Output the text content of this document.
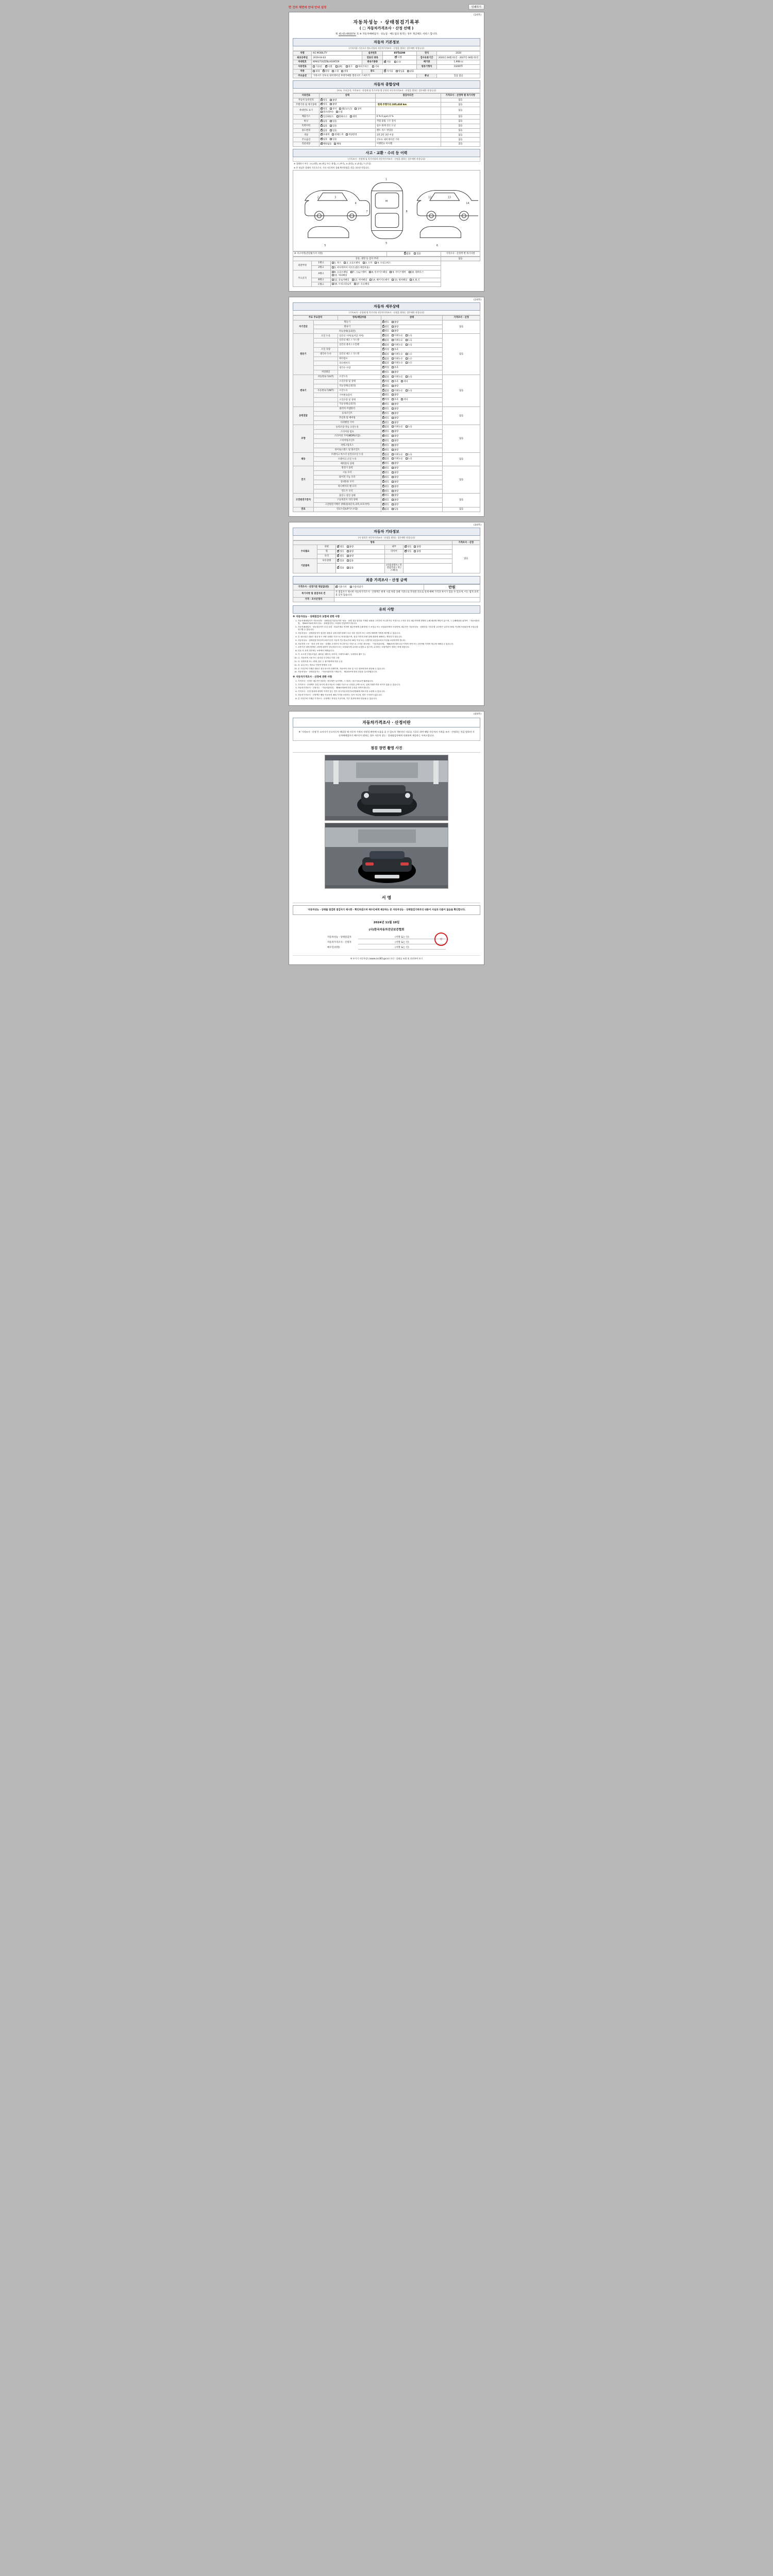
만 건의 체면에 안내 안내 설정	인쇄하기
(1/4쪽)
자동차성능 · 상태점검기록부
( □ 자동차가격조사 · 산정 선택 )
제 41-01-092074 호 ※ 자동차매매업자 · 성능점 · 매도업의 원격는 경우 제공해도 서비스 합니다.
자동차 기본정보
(기록사항 기준으로 별도사항의 자동차가격조사 · 산정을 원하는 경우에만 작성니다)
차명	KG MOBILITY	실자번호	85객4298	연식	2020
최초등록일	2019-04-03	연료의 종류	✔디젤	검사유효기간	2020년 04월 01일 · 2027년 04월 01일
차대번호	KMA3714ZZBLA039559	변속기종류	✔자동 수동	배기량	1,998 cc
사용연료	가솔린 ✔ 디젤 LPG 전기 하이브리드 기타			원동기형식	D20DTF
차종	대형 ✔ 중형 소형 경형	용도	✔자가용 영업용 관용
주요옵션	가죽시트 선루프 내비게이션 후방카메라 열선시트 스마트키			튜닝	있음 없음
자동차 종합상태
(부조, 주요골격, 가격조사 · 산정에 필 목기사항 별 순단의 자동차가격조사 · 산정을 원하는 경우에만 작성니다)
사용연료	상태	점검자의견	가격조사 · 산정액 별 목기사항
자동차 등록번호	✔양호 불량		없음
주행거리 및 계기상태	✔양호 불량	현재 주행거리 105,418 km	없음
차대번호 표기	✔양호 부식 훼손(오손) 상이변조(변타) 도말		없음
배출가스	✔일산화탄소 탄화수소 매연	0 % 0 ppm 0 %	없음
튜닝	✔없음 있음	적법 불법 구조 장치	없음
특별이력	✔없음 있음	침수 화재 전손 도난	없음
용도변경	✔없음 있음	렌트 리스 영업용	없음
색상	✔무채색 전체도색 색상변경	1면 2면 3면 이상	없음
주요옵션	✔없음 있음	선루프 내비게이션 기타	없음
리콜대상	✔해당없음 해당	이행완료 미이행	없음
사고 · 교환 · 수리 등 이력
(기록조사 · 산정에 필 목기사항의 자동차가격조사 · 산정을 원하는 경우에만 작성니다)
※ 상태표시 부호 : X (교환), W (판금 또는 용접), C (부식), A (흠집), U (요철), T (손상)
※ 본 점검은 상태의 기준으로서, 기타 자동차의 상태 확인하였을 것을 나타낸 것입니다.
2	3
4
1
M
9
7	8
12	13
14
5	6
※ 사고이력(진단평가사 사항)	✔없음	있음	가격조사 · 산정액 별 목기사항
공통, 권장 등 검사 부위			없음
외판부위	1랭크	1. 후드 2. 프론트펜더 3. 도어 4. 트렁크리드	
	2랭크	5. 라디에이터 서포트(볼트체결부품)	
주요골격	A랭크	6. 프론트패널 7. 크로스멤버 8. 인사이드패널 9. 사이드멤버 10. 휠하우스11. 대쉬패널	
	B랭크	12. 플로어패널 13. 리어패널 14. 패키지트레이 15. 필러패널 A, B, C	
	C랭크	16. 트렁크플로어 17. 루프패널	
(2/4쪽)
자동차 세부상태
(기록조사 · 산정에 별 목기사항 자동차가격조사 · 산정을 원하는 경우에만 작성니다)
주요 주요장치		항목/해당부품	상태	가격조사 · 산정
자기진단	원동기	✔양호 불량	없음
	변속기	✔양호 불량
	작동상태(공회전)	✔양호 불량
원동기	오일 누유	실린더 커버(로커암 커버)	✔없음 미세누유 누유	없음
		실린더 헤드 / 가스켓	✔없음 미세누유 누유
		실린더 블록 / 오일팬	✔없음 미세누유 누유
	오일 유량		✔적정 부족
	냉각수 누수	실린더 헤드 / 가스켓	✔없음 미세누수 누수
		워터펌프	✔없음 미세누수 누수
		라디에이터	✔없음 미세누수 누수
		냉각수 수량	✔적정 부족
	커먼레일		✔양호 불량
변속기	자동변속기(A/T)	오일누유	✔없음 미세누유 누유	없음
		오일유량 및 상태	✔적정 부족 과다
		작동상태(공회전)	✔양호 불량
	수동변속기(M/T)	오일누유	✔없음 미세누유 누유
		기어변속장치	✔양호 불량
		오일유량 및 상태	✔적정 부족 과다
		작동상태(공회전)	✔양호 불량
동력전달	클러치 어셈블리	✔양호 불량	없음
	등속조인트	✔양호 불량
	추진축 및 베어링	✔양호 불량
	디퍼렌셜 기어	✔양호 불량
조향	동력조향 작동 오일누유	✔없음 미세누유 누유	없음
	스티어링 펌프	✔양호 불량
	스티어링 기어(MDPS포함)	✔양호 불량
	스티어링조인트	✔양호 불량
	파워고압호스	✔양호 불량
	타이로드엔드 및 볼조인트	✔양호 불량
제동	브레이크 마스터 실린더오일 누유	✔없음 미세누유 누유	없음
	브레이크 오일 누유	✔없음 미세누유 누유
	배력장치 상태	✔양호 불량
전기	발전기 출력	✔양호 불량	없음
	시동 모터	✔양호 불량
	와이퍼 기능 모터	✔양호 불량
	실내송풍 모터	✔양호 불량
	라디에이터 팬 모터	✔양호 불량
	윈도우 모터	✔양호 불량
고전원전기장치	충전구 절연 상태	✔양호 불량	없음
	구동축전지 격리 상태	✔양호 불량
	고전원전기배선 상태(접속단자,피복,보호커버)	✔양호 불량
연료	연료누출(LP가스포함)	✔없음 있음	없음
(3/4쪽)
자동차 기타정보
(이 항목은 자동차가격조사 · 산정을 원하는 경우에만 작성니다)
항목					가격조사 · 산정
수리필요	외판	✔양호 불량	내부	✔양호 불량	없음
	휠	✔양호 불량	타이어	✔양호 불량
	유리	✔양호 불량		
기본품목	보유상태	✔있음 없음		
	✔있음 없음	(사용설명서 / 안전삼각대 / 잭 / 스패너)		
최종 가격조사 · 산정 금액
가격조사 · 산정기준 평균값(원)	✔기준가격 가중치감가	만원
특기사항 및 점검자의 견	본 점검자가 제시한 자동차가격조사 · 산정액은 현재 시점 차량 상태 기준으로 작성된 것으로 실제 매매 가격과 차이가 있을 수 있으며, 이는 법적 효력을 갖지 않습니다.	
가격 · 조사산정자		
유의 사항
※ 자동차성능 · 상태점검자 보험에 관한 사항
1. 자동차매매업자가 자동차성능 · 상태점검기록부(이하 '성능 · 상태 점검 법인을 기재한 내용을 고지하지 아니하거나 거짓으로 고지한 경우 매수인에게 발생한 손해 배상할 책임이 있으며, 그 손해배상을 위하여 「자동차관리법」 제58조의4에 따라 성능 · 상태점검자는 보험에 가입하여야 합니다.
2. 자동차매매업자 · 성능점검자가 부실 점검 · 허위기재로 인하여 매수인에게 손해 발생 시 보험금 또는 보험회사에서 보상하며, 매수인은 자동차성능 · 상태점검 기록부를 교부받은 날부터 30일 이내에 보험회사에 보험금을 청구할 수 있습니다.
3. 자동차성능 · 상태점검자가 점검한 내용과 실제 차량 상태가 다른 경우 점검자 또는 보증주체에게 이의를 제기할 수 있습니다.
4. 본 성능점검 내용은 점검 당시 차량 상태를 기준으로 작성되었으며, 점검 이후의 차량 상태 변화에 대해서는 책임지지 않습니다.
5. 자동차성능 · 상태점검기록부의 보증기간은 자동차 인도일로부터 30일 이상 또는 주행거리 2천킬로미터 이상을 보증하여야 합니다.
6. 자동차의 구조 · 장치 등의 성능 · 상태를 고지하지 아니하거나 거짓으로 고지한 경우에는 「자동차관리법」 제80조에 따라 2년 이하의 징역 또는 2천만원 이하의 벌금에 처해질 수 있습니다.
7. 보증기간 내에 발생한 고장에 대하여 성능점검자 또는 보험회사에 수리를 요청할 수 있으며, 수리비는 보험약관이 정하는 바에 따릅니다.
8. 다음 각 호의 경우에는 보증에서 제외됩니다.
9. 가. 소모성 부품(오일류, 필터류, 배터리, 타이어, 브레이크패드, 등화장치 램프 등)
10. 나. 자동차의 사용 또는 관리상 부주의로 인한 고장
11. 다. 천재지변 또는 화재, 침수 등 불가항력에 의한 손상
12. 라. 튜닝 또는 개조로 인하여 발생한 고장
13. 본 기록부에 기재된 내용은 점검 당시의 상태이며, 자동차의 사용 및 시간 경과에 따라 변동될 수 있습니다.
14. 자동차성능 · 상태점검자는 「자동차관리법 시행규칙」 제120조에 따라 점검을 실시하였습니다.
※ 자동차가격조사 · 산정에 관한 사항
1. 가격조사 · 산정은 매수인이 원하는 경우에만 실시하며, 그 결과는 참고자료로만 활용됩니다.
2. 가격조사 · 산정액은 점검 당시의 중고자동차 시세를 기준으로 산정한 금액으로서, 실제 거래가격과 차이가 있을 수 있습니다.
3. 자동차가격조사 · 산정자는 「자동차관리법」 제58조의4에 따라 등록된 자여야 합니다.
4. 가격조사 · 산정 결과에 대하여 이의가 있는 경우 한국자동차진단보증협회에 재조사를 요청할 수 있습니다.
5. 자동차가격조사 · 산정액은 해당 자동차의 매매 가격을 보증하는 것이 아니며, 법적 구속력이 없습니다.
6. 본 기록부에 기재된 가격조사 · 산정액은 작성일 기준이며, 기간 경과에 따라 변동될 수 있습니다.
(4/4쪽)
자동차가격조사 · 산정이란
※ '가격조사 · 산정'은 소비자가 중고자동차 매입할 때 자동차 가격의 적정성 판단에 도움을 줄 수 있도록 객관적인 자료를 기초로 하여 해당 자동차의 가격을 조사 · 산정하는 것을 말하며 자동차매매업자가 매수인이 원하는 경우 자동차 성능 · 상태점검자에게 의뢰하여 제공하는 서비스입니다.
점검 장면 촬영 사진
서 명
'자동차성능 · 상태를 점검한 점검자가 제시한 · 확인하였으며 매수인에게 제공하는 본 자동차성능 · 상태점검기록부의 내용이 사실과 다름이 없음을 확인합니다.
2024년 11월 19일
(사)한국자동차진단보증협회
인
자동차성능 · 상태점검자	(서명 또는 인)
자동차가격조사 · 산정자	(서명 또는 인)
매수인(성명)	(서명 또는 인)
※ 부가기 자동차성능(www.car365.go.kr) 자신 · 상태를 조회 및 진단하여 보기
